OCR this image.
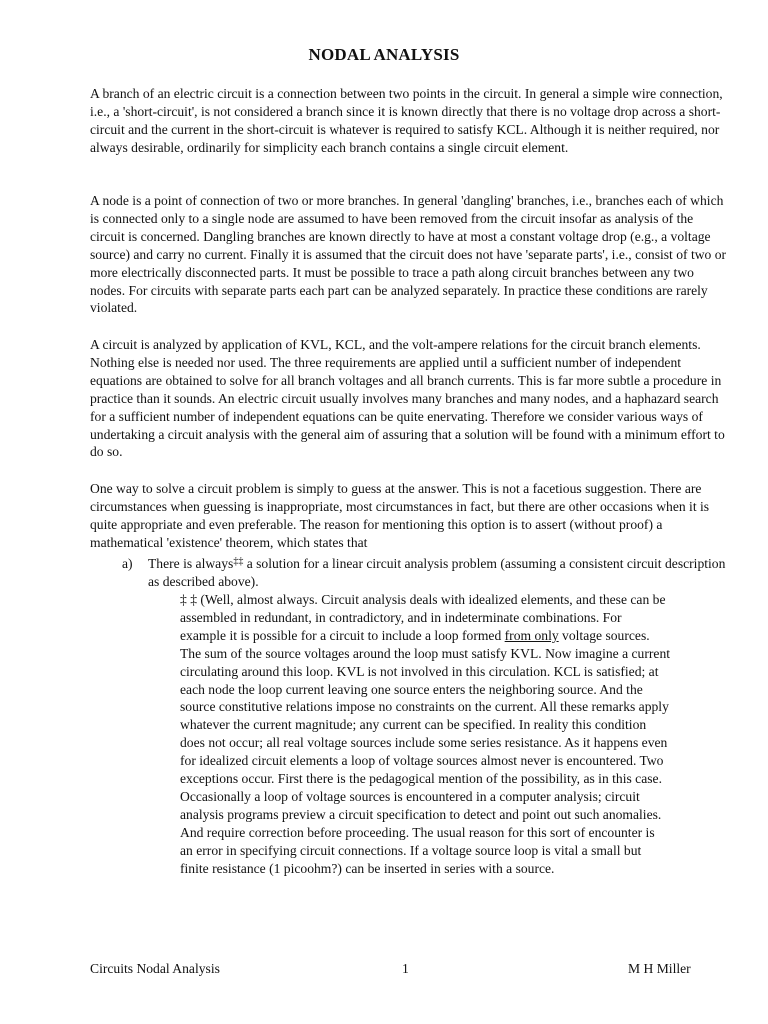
NODAL ANALYSIS

A branch of an electric circuit is a connection between two points in the circuit. In general a simple wire connection, i.e., a 'short-circuit', is not considered a branch since it is known directly that there is no voltage drop across a short-circuit and the current in the short-circuit is whatever is required to satisfy KCL. Although it is neither required, nor always desirable, ordinarily for simplicity each branch contains a single circuit element.

A node is a point of connection of two or more branches. In general 'dangling' branches, i.e., branches each of which is connected only to a single node are assumed to have been removed from the circuit insofar as analysis of the circuit is concerned. Dangling branches are known directly to have at most a constant voltage drop (e.g., a voltage source) and carry no current. Finally it is assumed that the circuit does not have 'separate parts', i.e., consist of two or more electrically disconnected parts. It must be possible to trace a path along circuit branches between any two nodes. For circuits with separate parts each part can be analyzed separately. In practice these conditions are rarely violated.

A circuit is analyzed by application of KVL, KCL, and the volt-ampere relations for the circuit branch elements. Nothing else is needed nor used. The three requirements are applied until a sufficient number of independent equations are obtained to solve for all branch voltages and all branch currents. This is far more subtle a procedure in practice than it sounds. An electric circuit usually involves many branches and many nodes, and a haphazard search for a sufficient number of independent equations can be quite enervating. Therefore we consider various ways of undertaking a circuit analysis with the general aim of assuring that a solution will be found with a minimum effort to do so.

One way to solve a circuit problem is simply to guess at the answer. This is not a facetious suggestion. There are circumstances when guessing is inappropriate, most circumstances in fact, but there are other occasions when it is quite appropriate and even preferable. The reason for mentioning this option is to assert (without proof) a mathematical 'existence' theorem, which states that

a) There is always‡‡ a solution for a linear circuit analysis problem (assuming a consistent circuit description as described above).
‡ ‡ (Well, almost always. Circuit analysis deals with idealized elements, and these can be assembled in redundant, in contradictory, and in indeterminate combinations. For example it is possible for a circuit to include a loop formed from only voltage sources. The sum of the source voltages around the loop must satisfy KVL. Now imagine a current circulating around this loop. KVL is not involved in this circulation. KCL is satisfied; at each node the loop current leaving one source enters the neighboring source. And the source constitutive relations impose no constraints on the current. All these remarks apply whatever the current magnitude; any current can be specified. In reality this condition does not occur; all real voltage sources include some series resistance. As it happens even for idealized circuit elements a loop of voltage sources almost never is encountered. Two exceptions occur. First there is the pedagogical mention of the possibility, as in this case. Occasionally a loop of voltage sources is encountered in a computer analysis; circuit analysis programs preview a circuit specification to detect and point out such anomalies. And require correction before proceeding. The usual reason for this sort of encounter is an error in specifying circuit connections. If a voltage source loop is vital a small but finite resistance (1 picoohm?) can be inserted in series with a source.
Circuits Nodal Analysis	1	M H Miller
